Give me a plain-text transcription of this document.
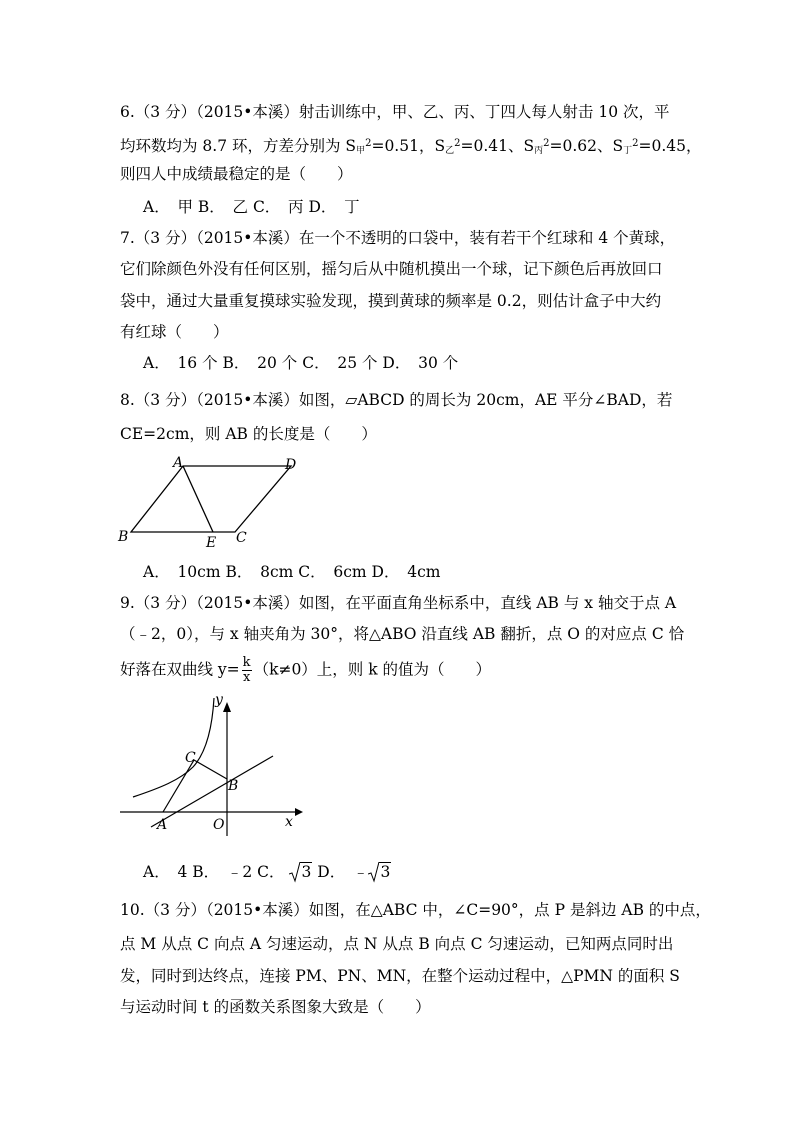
6.（3 分）（2015•本溪）射击训练中，甲、乙、丙、丁四人每人射击 10 次，平
均环数均为 8.7 环，方差分别为 $S_甲^2=0.51$，$S_乙^2=0.41$、$S_丙^2=0.62$、$S_丁^2=0.45$，
则四人中成绩最稳定的是（　　）
A．　甲 B．　乙 C．　丙 D．　丁
7.（3 分）（2015•本溪）在一个不透明的口袋中，装有若干个红球和 4 个黄球，
它们除颜色外没有任何区别，摇匀后从中随机摸出一个球，记下颜色后再放回口
袋中，通过大量重复摸球实验发现，摸到黄球的频率是 0.2，则估计盒子中大约
有红球（　　）
A．　16 个 B．　20 个 C．　25 个 D．　30 个
8.（3 分）（2015•本溪）如图，▱ABCD 的周长为 20cm，AE 平分∠BAD，若
CE=2cm，则 AB 的长度是（　　）
A	D
B	E C
A．　10cm B．　8cm C．　6cm D．　4cm
9.（3 分）（2015•本溪）如图，在平面直角坐标系中，直线 AB 与 x 轴交于点 A
（﹣2，0），与 x 轴夹角为 30°，将△ABO 沿直线 AB 翻折，点 O 的对应点 C 恰
好落在双曲线 $y= \frac{k}{x} (k\ne 0)$上，则 k 的值为（　　）
y
x
C
B
A	O
A．　4 B．　﹣2 C． 3 D．　﹣ 3
10.（3 分）（2015•本溪）如图，在△ABC 中，∠C=90°，点 P 是斜边 AB 的中点，
点 M 从点 C 向点 A 匀速运动，点 N 从点 B 向点 C 匀速运动，已知两点同时出
发，同时到达终点，连接 PM、PN、MN，在整个运动过程中，△PMN 的面积 S
与运动时间 t 的函数关系图象大致是（　　）
